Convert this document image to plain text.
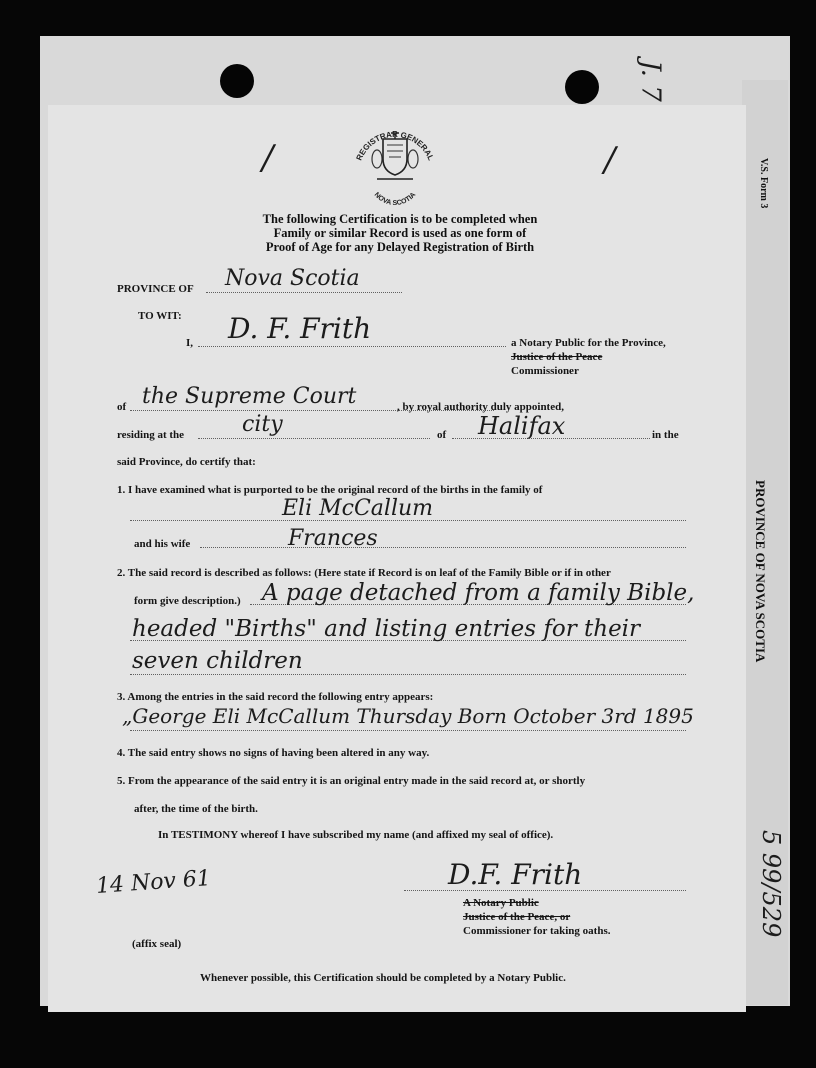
J. 7
/	/
REGISTRAR GENERAL
NOVA SCOTIA
The following Certification is to be completed when
Family or similar Record is used as one form of
Proof of Age for any Delayed Registration of Birth
PROVINCE OF Nova Scotia
TO WIT:
I, D. F. Frith	a Notary Public for the Province,
Justice of the Peace
Commissioner
of the Supreme Court	, by royal authority duly appointed,
residing at the	city	of Halifax	in the
said Province, do certify that:
1. I have examined what is purported to be the original record of the births in the family of
Eli McCallum
and his wife	Frances
2. The said record is described as follows: (Here state if Record is on leaf of the Family Bible or if in other
form give description.) A page detached from a family Bible,
headed "Births" and listing entries for their
seven children
3. Among the entries in the said record the following entry appears:
„George Eli McCallum Thursday Born October 3rd 1895
4. The said entry shows no signs of having been altered in any way.
5. From the appearance of the said entry it is an original entry made in the said record at, or shortly
after, the time of the birth.
In TESTIMONY whereof I have subscribed my name (and affixed my seal of office).
14 Nov 61	D.F. Frith
A Notary Public
Justice of the Peace, or
Commissioner for taking oaths.
(affix seal)
Whenever possible, this Certification should be completed by a Notary Public.
V.S. Form 3
PROVINCE OF NOVA SCOTIA
5 99/529
